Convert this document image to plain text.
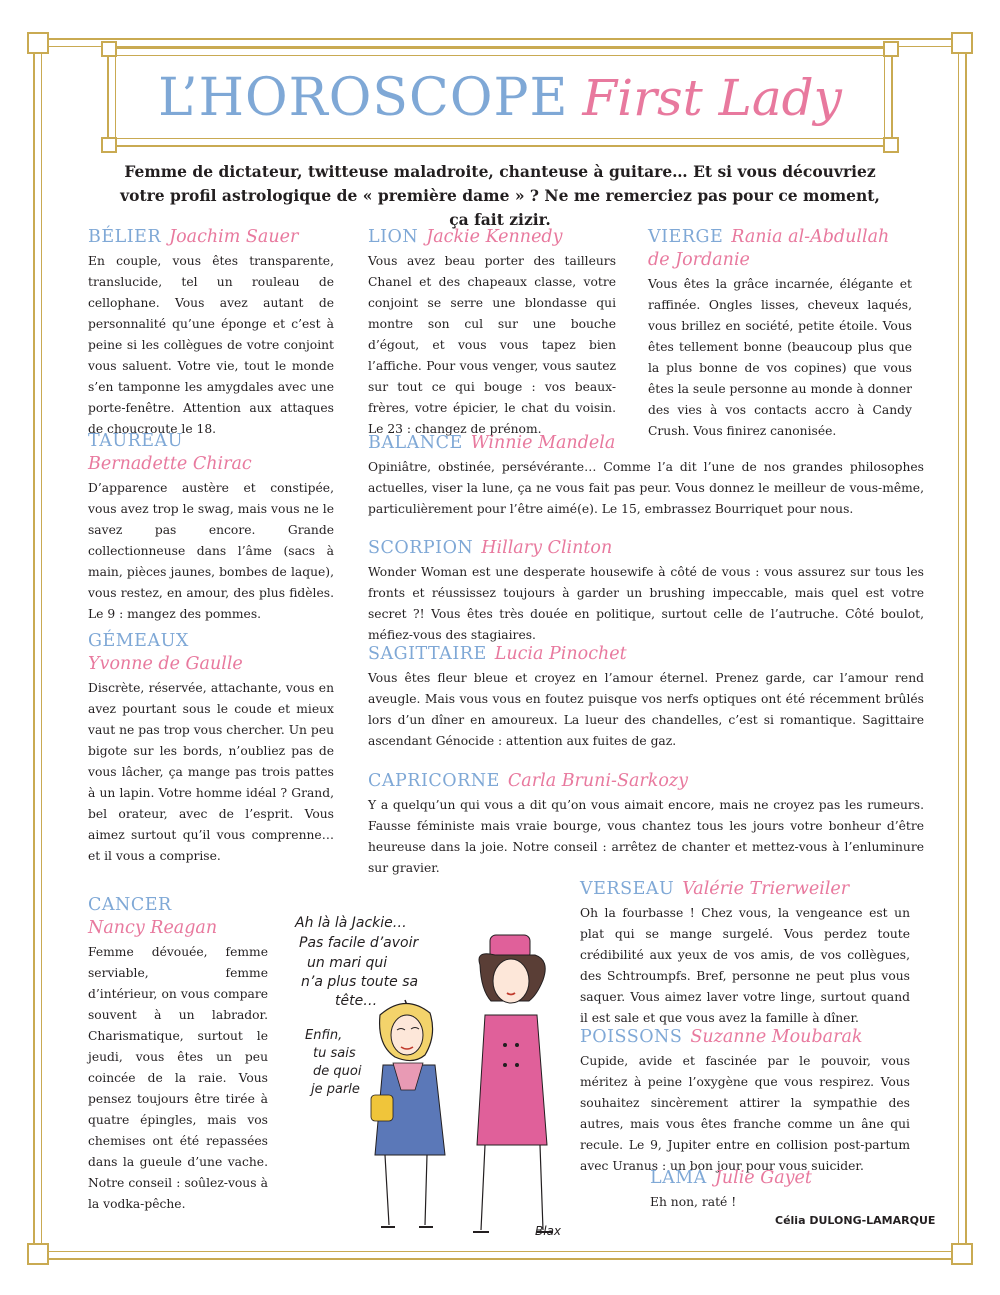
L’HOROSCOPE First Lady

Femme de dictateur, twitteuse maladroite, chanteuse à guitare… Et si vous découvriez votre profil astrologique de « première dame » ? Ne me remerciez pas pour ce moment, ça fait zizir.

BÉLIER Joachim Sauer

En couple, vous êtes transparente, translucide, tel un rouleau de cellophane. Vous avez autant de personnalité qu’une éponge et c’est à peine si les collègues de votre conjoint vous saluent. Votre vie, tout le monde s’en tamponne les amygdales avec une porte-fenêtre. Attention aux attaques de choucroute le 18.

TAUREAU
Bernadette Chirac

D’apparence austère et constipée, vous avez trop le swag, mais vous ne le savez pas encore. Grande collectionneuse dans l’âme (sacs à main, pièces jaunes, bombes de laque), vous restez, en amour, des plus fidèles. Le 9 : mangez des pommes.

GÉMEAUX
Yvonne de Gaulle

Discrète, réservée, attachante, vous en avez pourtant sous le coude et mieux vaut ne pas trop vous chercher. Un peu bigote sur les bords, n’oubliez pas de vous lâcher, ça mange pas trois pattes à un lapin. Votre homme idéal ? Grand, bel orateur, avec de l’esprit. Vous aimez surtout qu’il vous comprenne… et il vous a comprise.

CANCER
Nancy Reagan

Femme dévouée, femme serviable, femme d’intérieur, on vous compare souvent à un labrador. Charismatique, surtout le jeudi, vous êtes un peu coincée de la raie. Vous pensez toujours être tirée à quatre épingles, mais vos chemises ont été repassées dans la gueule d’une vache. Notre conseil : soûlez-vous à la vodka-pêche.

LION Jackie Kennedy

Vous avez beau porter des tailleurs Chanel et des chapeaux classe, votre conjoint se serre une blondasse qui montre son cul sur une bouche d’égout, et vous vous tapez bien l’affiche. Pour vous venger, vous sautez sur tout ce qui bouge : vos beaux-frères, votre épicier, le chat du voisin. Le 23 : changez de prénom.

VIERGE Rania al-Abdullah de Jordanie

Vous êtes la grâce incarnée, élégante et raffinée. Ongles lisses, cheveux laqués, vous brillez en société, petite étoile. Vous êtes tellement bonne (beaucoup plus que la plus bonne de vos copines) que vous êtes la seule personne au monde à donner des vies à vos contacts accro à Candy Crush. Vous finirez canonisée.

BALANCE Winnie Mandela

Opiniâtre, obstinée, persévérante… Comme l’a dit l’une de nos grandes philosophes actuelles, viser la lune, ça ne vous fait pas peur. Vous donnez le meilleur de vous-même, particulièrement pour l’être aimé(e). Le 15, embrassez Bourriquet pour nous.

SCORPION Hillary Clinton

Wonder Woman est une desperate housewife à côté de vous : vous assurez sur tous les fronts et réussissez toujours à garder un brushing impeccable, mais quel est votre secret ?! Vous êtes très douée en politique, surtout celle de l’autruche. Côté boulot, méfiez-vous des stagiaires.

SAGITTAIRE Lucia Pinochet

Vous êtes fleur bleue et croyez en l’amour éternel. Prenez garde, car l’amour rend aveugle. Mais vous vous en foutez puisque vos nerfs optiques ont été récemment brûlés lors d’un dîner en amoureux. La lueur des chandelles, c’est si romantique. Sagittaire ascendant Génocide : attention aux fuites de gaz.

CAPRICORNE Carla Bruni-Sarkozy

Y a quelqu’un qui vous a dit qu’on vous aimait encore, mais ne croyez pas les rumeurs. Fausse féministe mais vraie bourge, vous chantez tous les jours votre bonheur d’être heureuse dans la joie. Notre conseil : arrêtez de chanter et mettez-vous à l’enluminure sur gravier.

VERSEAU Valérie Trierweiler

Oh la fourbasse ! Chez vous, la vengeance est un plat qui se mange surgelé. Vous perdez toute crédibilité aux yeux de vos amis, de vos collègues, des Schtroumpfs. Bref, personne ne peut plus vous saquer. Vous aimez laver votre linge, surtout quand il est sale et que vous avez la famille à dîner.

POISSONS Suzanne Moubarak

Cupide, avide et fascinée par le pouvoir, vous méritez à peine l’oxygène que vous respirez. Vous souhaitez sincèrement attirer la sympathie des autres, mais vous êtes franche comme un âne qui recule. Le 9, Jupiter entre en collision post-partum avec Uranus : un bon jour pour vous suicider.

LAMA Julie Gayet

Eh non, raté !

Célia DULONG-LAMARQUE
Ah là là Jackie…
Pas facile d’avoir
un mari qui
n’a plus toute sa
tête…
Enfin,
tu sais
de quoi
je parle
Blax
